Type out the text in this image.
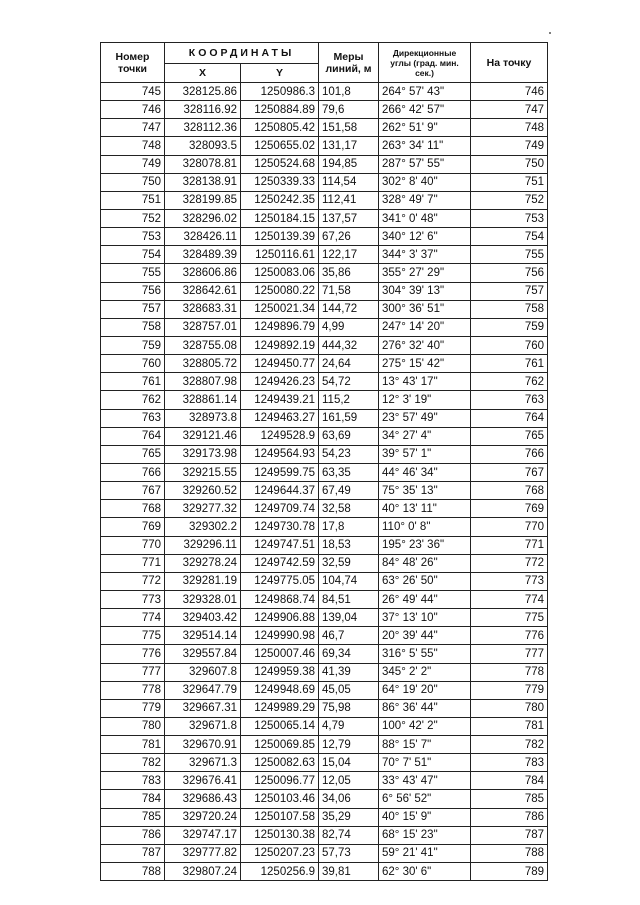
Номер точки	КООРДИНАТЫ		Меры линий, м	Дирекционные углы (град. мин. сек.)	На точку
	X	Y			
745	328125.86	1250986.3	101,8	264° 57' 43"	746
746	328116.92	1250884.89	79,6	266° 42' 57"	747
747	328112.36	1250805.42	151,58	262° 51' 9"	748
748	328093.5	1250655.02	131,17	263° 34' 11"	749
749	328078.81	1250524.68	194,85	287° 57' 55"	750
750	328138.91	1250339.33	114,54	302° 8' 40"	751
751	328199.85	1250242.35	112,41	328° 49' 7"	752
752	328296.02	1250184.15	137,57	341° 0' 48"	753
753	328426.11	1250139.39	67,26	340° 12' 6"	754
754	328489.39	1250116.61	122,17	344° 3' 37"	755
755	328606.86	1250083.06	35,86	355° 27' 29"	756
756	328642.61	1250080.22	71,58	304° 39' 13"	757
757	328683.31	1250021.34	144,72	300° 36' 51"	758
758	328757.01	1249896.79	4,99	247° 14' 20"	759
759	328755.08	1249892.19	444,32	276° 32' 40"	760
760	328805.72	1249450.77	24,64	275° 15' 42"	761
761	328807.98	1249426.23	54,72	13° 43' 17"	762
762	328861.14	1249439.21	115,2	12° 3' 19"	763
763	328973.8	1249463.27	161,59	23° 57' 49"	764
764	329121.46	1249528.9	63,69	34° 27' 4"	765
765	329173.98	1249564.93	54,23	39° 57' 1"	766
766	329215.55	1249599.75	63,35	44° 46' 34"	767
767	329260.52	1249644.37	67,49	75° 35' 13"	768
768	329277.32	1249709.74	32,58	40° 13' 11"	769
769	329302.2	1249730.78	17,8	110° 0' 8"	770
770	329296.11	1249747.51	18,53	195° 23' 36"	771
771	329278.24	1249742.59	32,59	84° 48' 26"	772
772	329281.19	1249775.05	104,74	63° 26' 50"	773
773	329328.01	1249868.74	84,51	26° 49' 44"	774
774	329403.42	1249906.88	139,04	37° 13' 10"	775
775	329514.14	1249990.98	46,7	20° 39' 44"	776
776	329557.84	1250007.46	69,34	316° 5' 55"	777
777	329607.8	1249959.38	41,39	345° 2' 2"	778
778	329647.79	1249948.69	45,05	64° 19' 20"	779
779	329667.31	1249989.29	75,98	86° 36' 44"	780
780	329671.8	1250065.14	4,79	100° 42' 2"	781
781	329670.91	1250069.85	12,79	88° 15' 7"	782
782	329671.3	1250082.63	15,04	70° 7' 51"	783
783	329676.41	1250096.77	12,05	33° 43' 47"	784
784	329686.43	1250103.46	34,06	6° 56' 52"	785
785	329720.24	1250107.58	35,29	40° 15' 9"	786
786	329747.17	1250130.38	82,74	68° 15' 23"	787
787	329777.82	1250207.23	57,73	59° 21' 41"	788
788	329807.24	1250256.9	39,81	62° 30' 6"	789
